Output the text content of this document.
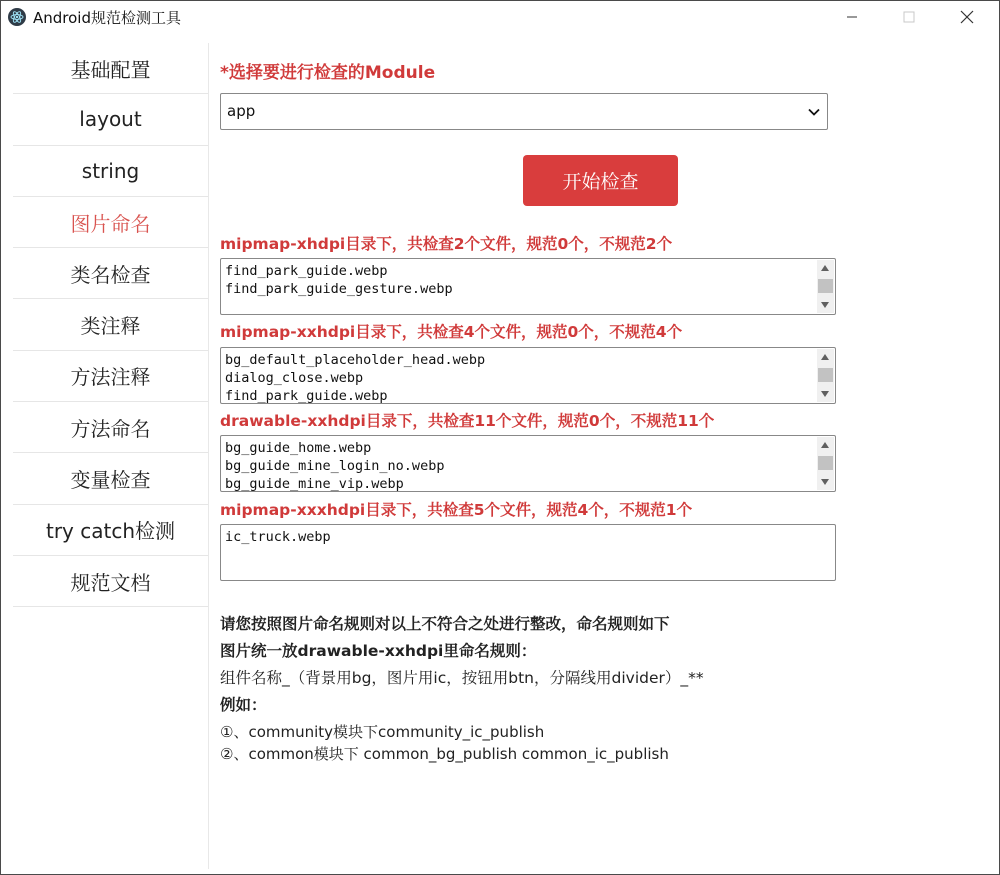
Android规范检测工具
基础配置
layout
string
图片命名
类名检查
类注释
方法注释
方法命名
变量检查
try catch检测
规范文档
*选择要进行检查的Module
app
开始检查
mipmap-xhdpi目录下，共检查2个文件，规范0个，不规范2个
find_park_guide.webp
find_park_guide_gesture.webp
mipmap-xxhdpi目录下，共检查4个文件，规范0个，不规范4个
bg_default_placeholder_head.webp
dialog_close.webp
find_park_guide.webp
drawable-xxhdpi目录下，共检查11个文件，规范0个，不规范11个
bg_guide_home.webp
bg_guide_mine_login_no.webp
bg_guide_mine_vip.webp
mipmap-xxxhdpi目录下，共检查5个文件，规范4个，不规范1个
ic_truck.webp
请您按照图片命名规则对以上不符合之处进行整改，命名规则如下
图片统一放drawable-xxhdpi里命名规则：
组件名称_（背景用bg，图片用ic，按钮用btn，分隔线用divider）_**
例如：
①、community模块下community_ic_publish
②、common模块下 common_bg_publish common_ic_publish
